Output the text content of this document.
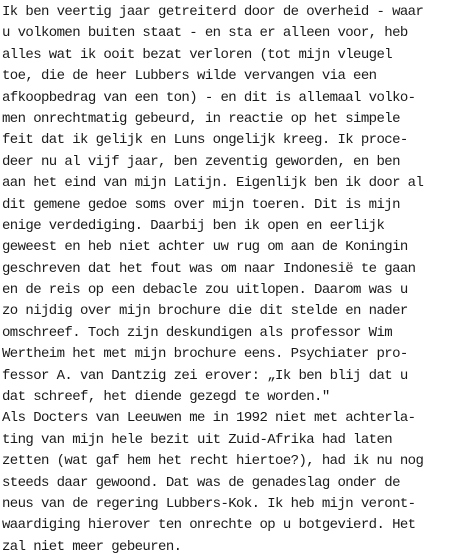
Ik ben veertig jaar getreiterd door de overheid - waar
u volkomen buiten staat - en sta er alleen voor, heb
alles wat ik ooit bezat verloren (tot mijn vleugel
toe, die de heer Lubbers wilde vervangen via een
afkoopbedrag van een ton) - en dit is allemaal volko-
men onrechtmatig gebeurd, in reactie op het simpele
feit dat ik gelijk en Luns ongelijk kreeg. Ik proce-
deer nu al vijf jaar, ben zeventig geworden, en ben
aan het eind van mijn Latijn. Eigenlijk ben ik door al
dit gemene gedoe soms over mijn toeren. Dit is mijn
enige verdediging. Daarbij ben ik open en eerlijk
geweest en heb niet achter uw rug om aan de Koningin
geschreven dat het fout was om naar Indonesië te gaan
en de reis op een debacle zou uitlopen. Daarom was u
zo nijdig over mijn brochure die dit stelde en nader
omschreef. Toch zijn deskundigen als professor Wim
Wertheim het met mijn brochure eens. Psychiater pro-
fessor A. van Dantzig zei erover: „Ik ben blij dat u
dat schreef, het diende gezegd te worden."
Als Docters van Leeuwen me in 1992 niet met achterla-
ting van mijn hele bezit uit Zuid-Afrika had laten
zetten (wat gaf hem het recht hiertoe?), had ik nu nog
steeds daar gewoond. Dat was de genadeslag onder de
neus van de regering Lubbers-Kok. Ik heb mijn veront-
waardiging hierover ten onrechte op u botgevierd. Het
zal niet meer gebeuren.
